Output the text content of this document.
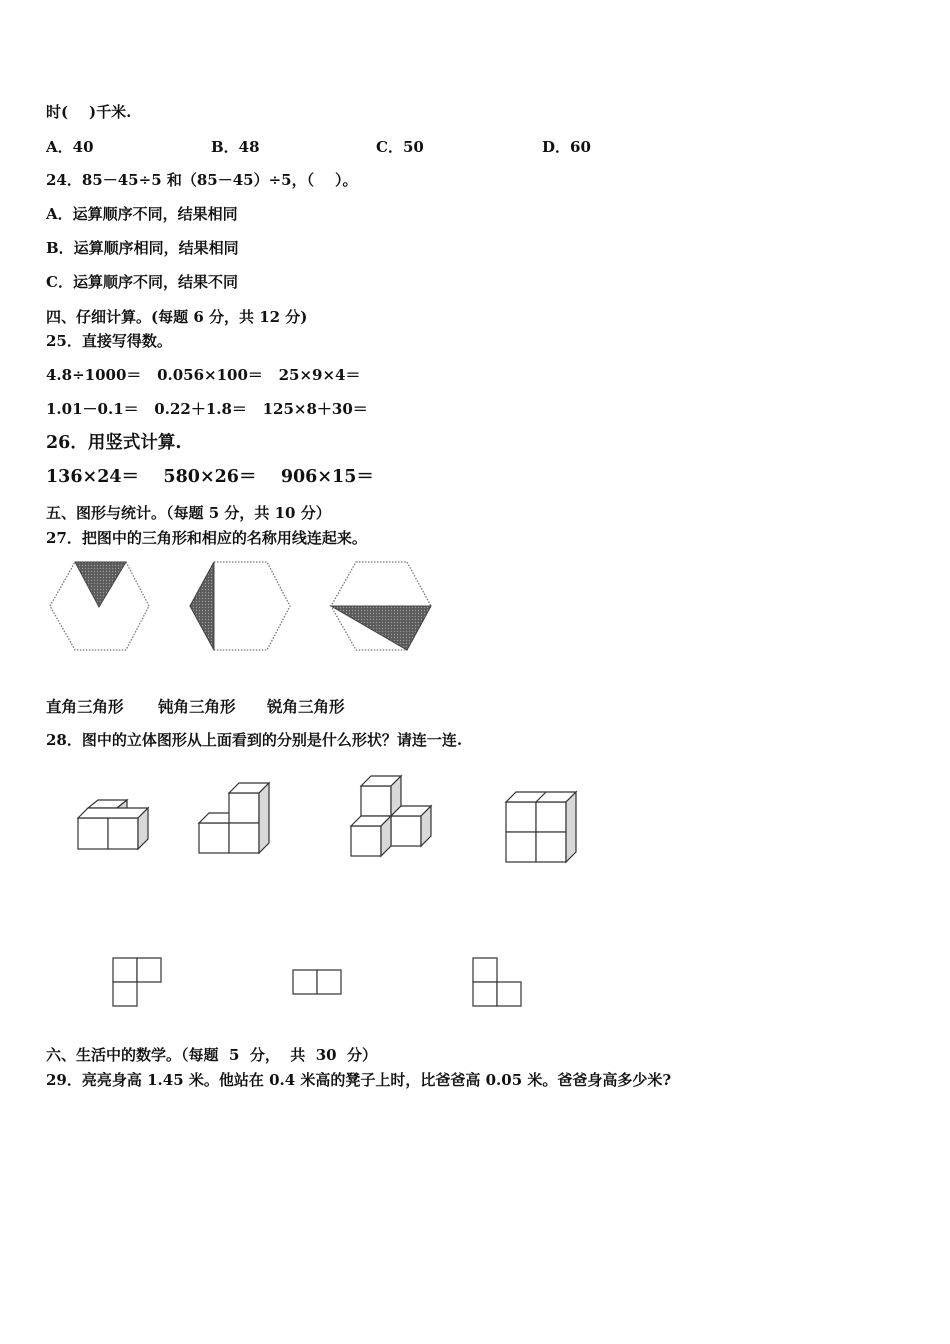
时(    )千米.
A．40	B．48	C．50	D．60
24．85－45÷5 和（85－45）÷5，（    ）。
A．运算顺序不同，结果相同
B．运算顺序相同，结果相同
C．运算顺序不同，结果不同
四、仔细计算。(每题 6 分，共 12 分)
25．直接写得数。
4.8÷1000＝   0.056×100＝   25×9×4＝
1.01－0.1＝   0.22＋1.8＝   125×8＋30＝
26．用竖式计算.
136×24＝    580×26＝    906×15＝
五、图形与统计。（每题 5 分，共 10 分）
27．把图中的三角形和相应的名称用线连起来。
直角三角形 钝角三角形 锐角三角形
28．图中的立体图形从上面看到的分别是什么形状？请连一连.
六、生活中的数学。（每题  5  分，  共  30  分）
29．亮亮身高 1.45 米。他站在 0.4 米高的凳子上时，比爸爸高 0.05 米。爸爸身高多少米?
